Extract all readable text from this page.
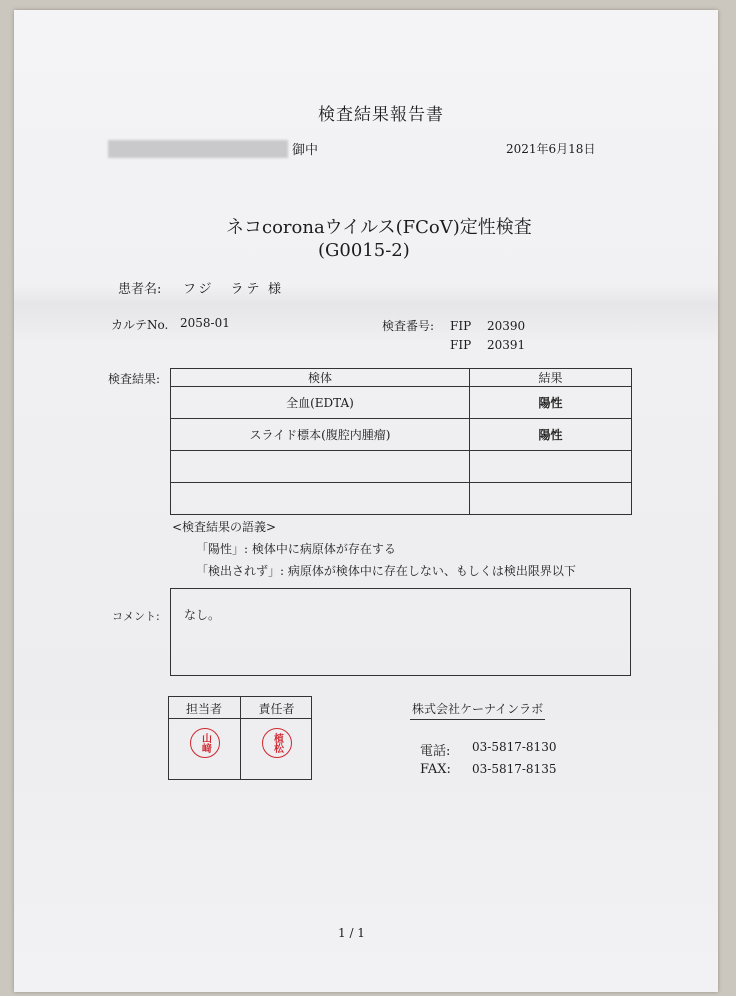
検査結果報告書
御中	2021年6月18日
ネコcoronaウイルス(FCoV)定性検査
(G0015-2)
患者名: フジ　ラテ 様
カルテNo. 2058-01	検査番号: FIP　 20390
FIP　 20391
検査結果:	検体	結果
全血(EDTA)	陽性
スライド標本(腹腔内腫瘤)	陽性

<検査結果の語義>
「陽性」: 検体中に病原体が存在する
「検出されず」: 病原体が検体中に存在しない、もしくは検出限界以下
コメント: なし。
担当者	責任者
山﨑	植松
株式会社ケーナインラボ
電話: 03-5817-8130
FAX: 03-5817-8135
1 / 1
